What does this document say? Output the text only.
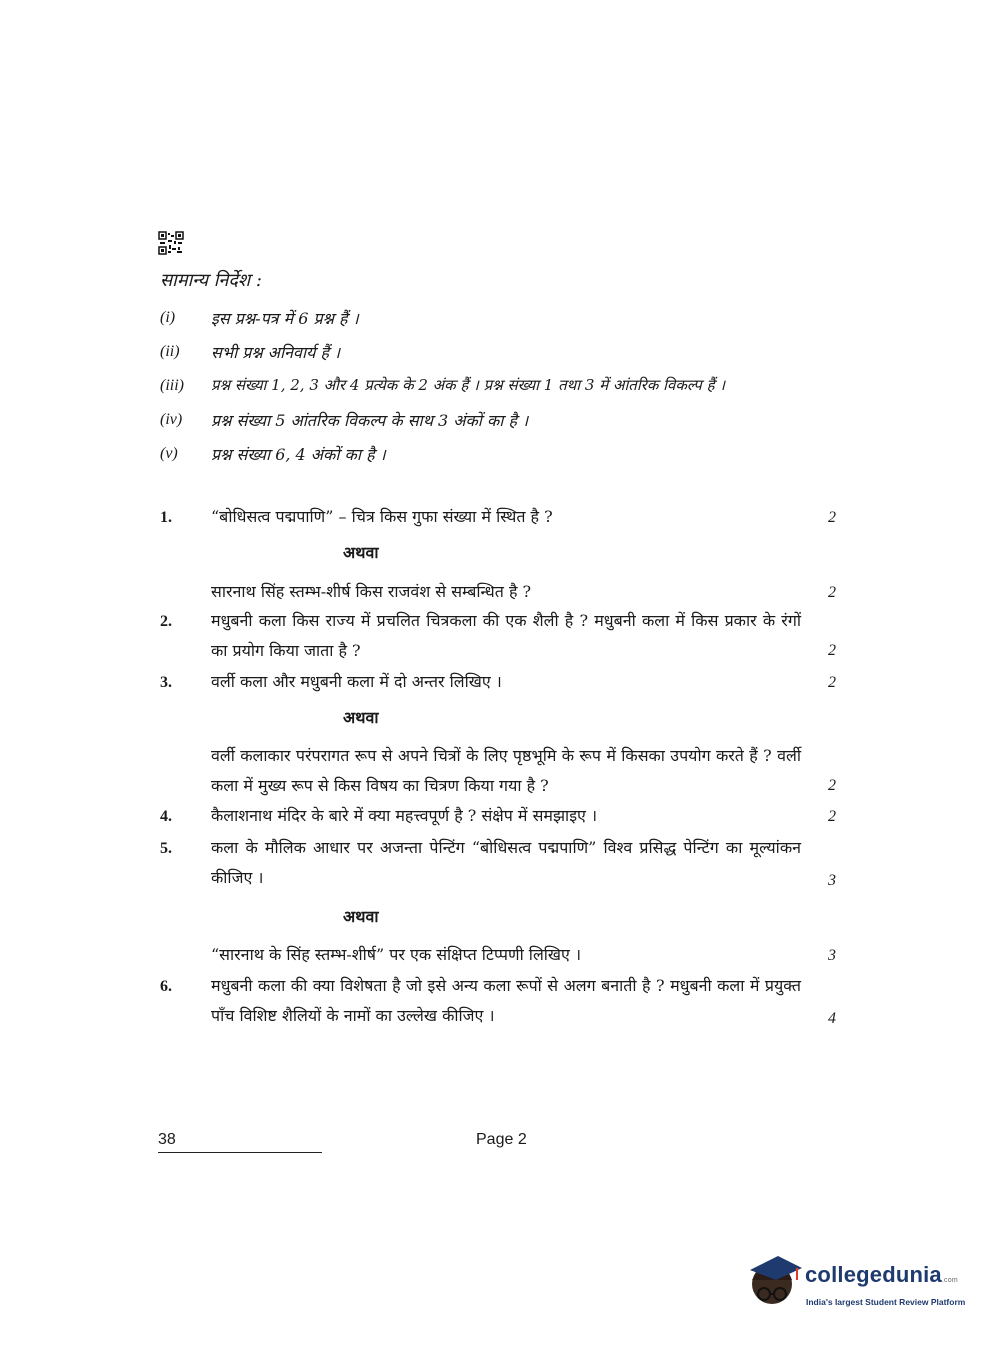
सामान्य निर्देश :
(i) इस प्रश्न-पत्र में 6 प्रश्न हैं ।
(ii) सभी प्रश्न अनिवार्य हैं ।
(iii) प्रश्न संख्या 1, 2, 3 और 4 प्रत्येक के 2 अंक हैं । प्रश्न संख्या 1 तथा 3 में आंतरिक विकल्प हैं ।
(iv) प्रश्न संख्या 5 आंतरिक विकल्प के साथ 3 अंकों का है ।
(v) प्रश्न संख्या 6, 4 अंकों का है ।
1. “बोधिसत्व पद्मपाणि” – चित्र किस गुफा संख्या में स्थित है ?	2
अथवा
सारनाथ सिंह स्तम्भ-शीर्ष किस राजवंश से सम्बन्धित है ?	2
2. मधुबनी कला किस राज्य में प्रचलित चित्रकला की एक शैली है ? मधुबनी कला में किस प्रकार के रंगों का प्रयोग किया जाता है ?	2
3. वर्ली कला और मधुबनी कला में दो अन्तर लिखिए ।	2
अथवा
वर्ली कलाकार परंपरागत रूप से अपने चित्रों के लिए पृष्ठभूमि के रूप में किसका उपयोग करते हैं ? वर्ली कला में मुख्य रूप से किस विषय का चित्रण किया गया है ?	2
4. कैलाशनाथ मंदिर के बारे में क्या महत्त्वपूर्ण है ? संक्षेप में समझाइए ।	2
5. कला के मौलिक आधार पर अजन्ता पेन्टिंग “बोधिसत्व पद्मपाणि” विश्व प्रसिद्ध पेन्टिंग का मूल्यांकन कीजिए ।	3
अथवा
“सारनाथ के सिंह स्तम्भ-शीर्ष” पर एक संक्षिप्त टिप्पणी लिखिए ।	3
6. मधुबनी कला की क्या विशेषता है जो इसे अन्य कला रूपों से अलग बनाती है ? मधुबनी कला में प्रयुक्त पाँच विशिष्ट शैलियों के नामों का उल्लेख कीजिए ।	4
38	Page 2
collegedunia.com
India's largest Student Review Platform
